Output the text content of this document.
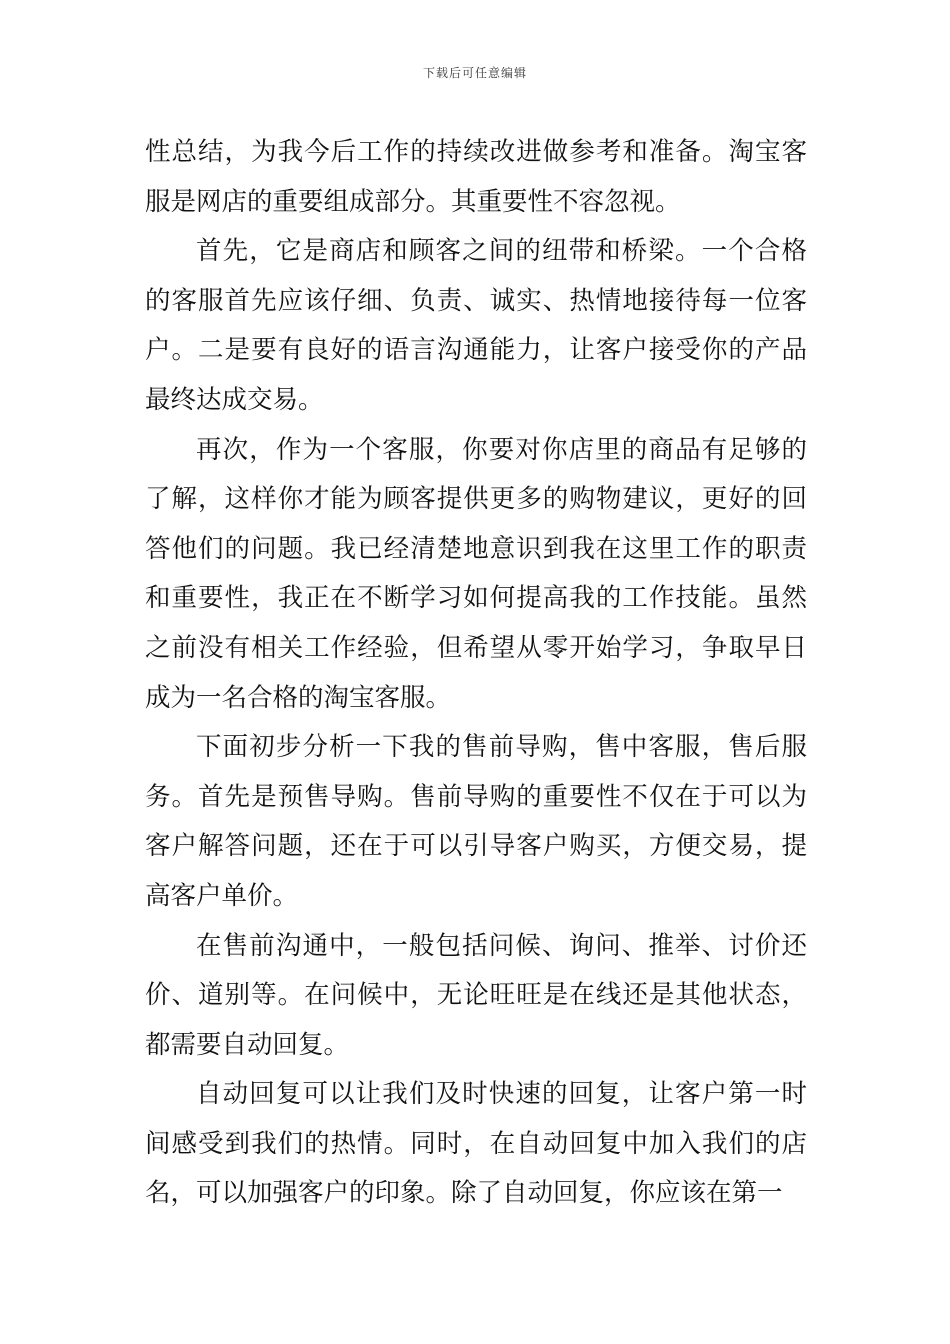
下载后可任意编辑

性总结，为我今后工作的持续改进做参考和准备。淘宝客服是网店的重要组成部分。其重要性不容忽视。

首先，它是商店和顾客之间的纽带和桥梁。一个合格的客服首先应该仔细、负责、诚实、热情地接待每一位客户。二是要有良好的语言沟通能力，让客户接受你的产品最终达成交易。

再次，作为一个客服，你要对你店里的商品有足够的了解，这样你才能为顾客提供更多的购物建议，更好的回答他们的问题。我已经清楚地意识到我在这里工作的职责和重要性，我正在不断学习如何提高我的工作技能。虽然之前没有相关工作经验，但希望从零开始学习，争取早日成为一名合格的淘宝客服。

下面初步分析一下我的售前导购，售中客服，售后服务。首先是预售导购。售前导购的重要性不仅在于可以为客户解答问题，还在于可以引导客户购买，方便交易，提高客户单价。

在售前沟通中，一般包括问候、询问、推举、讨价还价、道别等。在问候中，无论旺旺是在线还是其他状态，都需要自动回复。

自动回复可以让我们及时快速的回复，让客户第一时间感受到我们的热情。同时，在自动回复中加入我们的店名，可以加强客户的印象。除了自动回复，你应该在第一
